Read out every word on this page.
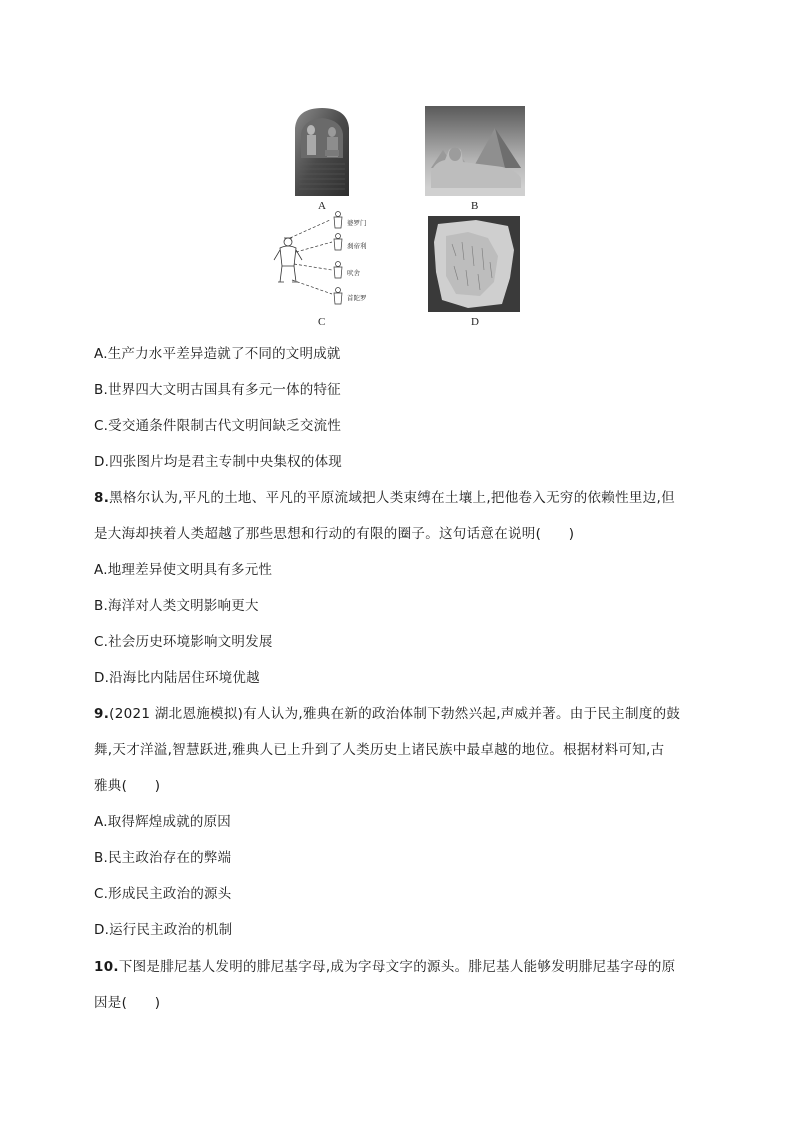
A	B
婆罗门
刹帝利
吠舍
首陀罗
C	D
A.生产力水平差异造就了不同的文明成就
B.世界四大文明古国具有多元一体的特征
C.受交通条件限制古代文明间缺乏交流性
D.四张图片均是君主专制中央集权的体现
8.黑格尔认为,平凡的土地、平凡的平原流域把人类束缚在土壤上,把他卷入无穷的依赖性里边,但
是大海却挟着人类超越了那些思想和行动的有限的圈子。这句话意在说明(　　)
A.地理差异使文明具有多元性
B.海洋对人类文明影响更大
C.社会历史环境影响文明发展
D.沿海比内陆居住环境优越
9.(2021 湖北恩施模拟)有人认为,雅典在新的政治体制下勃然兴起,声威并著。由于民主制度的鼓
舞,天才洋溢,智慧跃进,雅典人已上升到了人类历史上诸民族中最卓越的地位。根据材料可知,古
雅典(　　)
A.取得辉煌成就的原因
B.民主政治存在的弊端
C.形成民主政治的源头
D.运行民主政治的机制
10.下图是腓尼基人发明的腓尼基字母,成为字母文字的源头。腓尼基人能够发明腓尼基字母的原
因是(　　)
